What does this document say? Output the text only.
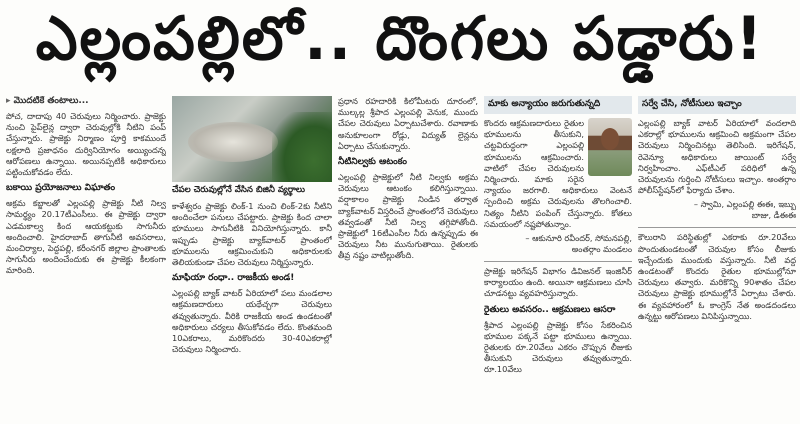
ఎల్లంపల్లిలో.. దొంగలు పడ్డారు!
▸ మొదటికే తంటాలు...

పోచ, దాదాపు 40 చెరువులు నిర్మించారు. ప్రాజెక్టు నుంచి పైప్‌లైన్ల ద్వారా చెరువుల్లోకి నీటిని పంప్ చేస్తున్నారు. ప్రాజెక్టు నిర్మాణం పూర్తి కాకముందే లక్షలాది ప్రజాధనం దుర్వినియోగం అయ్యిందన్న ఆరోపణలు ఉన్నాయి. అయినప్పటికీ అధికారులు పట్టించుకోవడం లేదు.

బకాయి ప్రయోజనాలు విఘాతం

అక్రమ కబ్జాలతో ఎల్లంపల్లి ప్రాజెక్టు నీటి నిల్వ సామర్థ్యం 20.17టీఎంసీలు. ఈ ప్రాజెక్టు ద్వారా ఎడమకాల్వ కింద ఆయకట్టుకు సాగునీరు అందించాలి. హైదరాబాద్ తాగునీటి అవసరాలు, మంచిర్యాల, పెద్దపల్లి, కరీంనగర్ జిల్లాల ప్రాంతాలకు సాగునీరు అందించేందుకు ఈ ప్రాజెక్టు కీలకంగా మారింది.

చేపల చెరువుల్లోనే వేసిన బిజినీ వ్యర్థాలు

కాళేశ్వరం ప్రాజెక్టు లింక్-1 నుంచి లింక్-2కు నీటిని అందించేలా పనులు చేపట్టారు. ప్రాజెక్టు కింద చాలా భూములు సాగునీటికి వినియోగిస్తున్నారు. కానీ ఇప్పుడు ప్రాజెక్టు బ్యాక్‌వాటర్ ప్రాంతంలో భూములను ఆక్రమించుకుని అధికారులకు తెలియకుండా చేపల చెరువులు నిర్మిస్తున్నారు.

మాఫియా రంధా.. రాజకీయ అండ!

ఎల్లంపల్లి బ్యాక్ వాటర్ ఏరియాలో పలు మండలాల ఆక్రమణదారులు యథేచ్ఛగా చెరువులు తవ్వుతున్నారు. వీరికి రాజకీయ అండ ఉండటంతో అధికారులు చర్యలు తీసుకోవడం లేదు. కొంతమంది 10ఎకరాలు, మరికొందరు 30-40ఎకరాల్లో చెరువులు నిర్మించారు.

ప్రధాన రహదారికి కిలోమీటరు దూరంలో, ముల్కల్ల శ్రీపాద ఎల్లంపల్లి వెనుక, ముందు చేపల చెరువులు ఏర్పాటుచేశారు. రవాణాకు అనుకూలంగా రోడ్లు, విద్యుత్ లైన్లను ఏర్పాటు చేసుకున్నారు.

నీటినిల్వకు ఆటంకం

ఎల్లంపల్లి ప్రాజెక్టులో నీటి నిల్వకు అక్రమ చెరువులు ఆటంకం కలిగిస్తున్నాయి. వర్షాకాలం ప్రాజెక్టు నిండిన తర్వాత బ్యాక్‌వాటర్ విస్తరించే ప్రాంతంలోనే చెరువులు తవ్వడంతో నీటి నిల్వ తగ్గిపోతోంది. ప్రాజెక్టులో 16టీఎంసీల నీరు ఉన్నప్పుడు ఈ చెరువులు నీట మునుగుతాయి. రైతులకు తీవ్ర నష్టం వాటిల్లుతోంది.

మాకు అన్యాయం జరుగుతున్నది

కొందరు ఆక్రమణదారులు రైతుల భూములను తీసుకుని, చట్టవిరుద్ధంగా ఎల్లంపల్లి భూములను ఆక్రమించారు. వాటిలో చేపల చెరువులను నిర్మించారు. మాకు సరైన న్యాయం జరగాలి. అధికారులు వెంటనే స్పందించి అక్రమ చెరువులను తొలగించాలి. నిత్యం నీటిని పంపింగ్ చేస్తున్నారు. కోతలు సమయంలో నష్టపోతున్నాం.

– ఆకునూరి రవీందర్, సోమనపల్లి,
అంతర్గాం మండలం

ప్రాజెక్టు ఇరిగేషన్ విభాగం డివిజనల్ ఇంజినీర్ కార్యాలయం ఉంది. అయినా ఆక్రమణలు చూసి చూడనట్టు వ్యవహరిస్తున్నారు.

రైతులు అవసరం.. ఆక్రమణలు ఆసరా

శ్రీపాద ఎల్లంపల్లి ప్రాజెక్టు కోసం సేకరించిన భూముల పక్కనే పట్టా భూములు ఉన్నాయి. రైతులకు రూ.20వేలు ఎకరం చొప్పున లీజుకు తీసుకుని చెరువులు తవ్వుతున్నారు. రూ.10వేలు

సర్వే చేసి, నోటీసులు ఇచ్చాం

ఎల్లంపల్లి బ్యాక్ వాటర్ ఏరియాలో వందలాది ఎకరాల్లో భూములను ఆక్రమించి అక్రమంగా చేపల చెరువులు నిర్మించినట్లు తెలిసింది. ఇరిగేషన్, రెవెన్యూ అధికారులు జాయింట్ సర్వే నిర్వహించాం. ఎఫ్‌టీఎల్ పరిధిలో ఉన్న చెరువులను గుర్తించి నోటీసులు ఇచ్చాం. అంతర్గాం పోలీస్‌స్టేషన్‌లో ఫిర్యాదు చేశాం.

– స్వామి, ఎల్లంపల్లి ఈఈ, ఇబ్బు
బాజు, డీఈఈ

కౌలురాని పరిస్థితుల్లో ఎకరాకు రూ.20వేలు పొందుతుండటంతో చెరువుల కోసం లీజుకు ఇచ్చేందుకు ముందుకు వస్తున్నారు. నీటి వద్ద ఉండటంతో కొందరు రైతుల భూముల్లోనూ చెరువులు తవ్వారు. మరికొన్ని 90శాతం చేపల చెరువులు ప్రాజెక్టు భూముల్లోనే ఏర్పాటు చేశారు. ఈ వ్యవహారంలో ఓ కాంగ్రెస్ నేత అండదండలు ఉన్నట్టు ఆరోపణలు వినిపిస్తున్నాయి.
